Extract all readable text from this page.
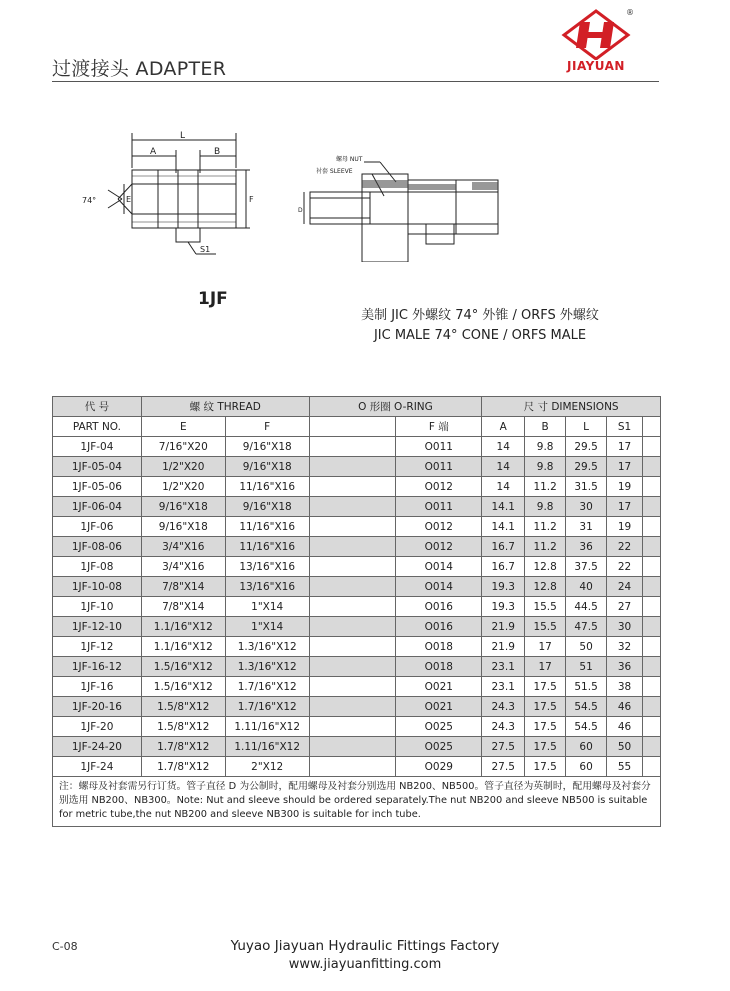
过渡接头 ADAPTER
®
JIAYUAN
L
A	B
74°	E	F
S1
螺母 NUT
衬套 SLEEVE
D
1JF
美制 JIC 外螺纹 74° 外锥 / ORFS 外螺纹
JIC MALE 74° CONE / ORFS MALE
代 号	螺 纹 THREAD		O 形圈 O-RING		尺 寸 DIMENSIONS				
PART NO.	E	F		F 端	A	B	L	S1	
1JF-04	7/16"X20	9/16"X18		O011	14	9.8	29.5	17	
1JF-05-04	1/2"X20	9/16"X18		O011	14	9.8	29.5	17	
1JF-05-06	1/2"X20	11/16"X16		O012	14	11.2	31.5	19	
1JF-06-04	9/16"X18	9/16"X18		O011	14.1	9.8	30	17	
1JF-06	9/16"X18	11/16"X16		O012	14.1	11.2	31	19	
1JF-08-06	3/4"X16	11/16"X16		O012	16.7	11.2	36	22	
1JF-08	3/4"X16	13/16"X16		O014	16.7	12.8	37.5	22	
1JF-10-08	7/8"X14	13/16"X16		O014	19.3	12.8	40	24	
1JF-10	7/8"X14	1"X14		O016	19.3	15.5	44.5	27	
1JF-12-10	1.1/16"X12	1"X14		O016	21.9	15.5	47.5	30	
1JF-12	1.1/16"X12	1.3/16"X12		O018	21.9	17	50	32	
1JF-16-12	1.5/16"X12	1.3/16"X12		O018	23.1	17	51	36	
1JF-16	1.5/16"X12	1.7/16"X12		O021	23.1	17.5	51.5	38	
1JF-20-16	1.5/8"X12	1.7/16"X12		O021	24.3	17.5	54.5	46	
1JF-20	1.5/8"X12	1.11/16"X12		O025	24.3	17.5	54.5	46	
1JF-24-20	1.7/8"X12	1.11/16"X12		O025	27.5	17.5	60	50	
1JF-24	1.7/8"X12	2"X12		O029	27.5	17.5	60	55	
注：螺母及衬套需另行订货。管子直径 D 为公制时，配用螺母及衬套分别选用 NB200、NB500。管子直径为英制时，配用螺母及衬套分别选用 NB200、NB300。Note: Nut and sleeve should be ordered separately.The nut NB200 and sleeve NB500 is suitable for metric tube,the nut NB200 and sleeve NB300 is suitable for inch tube.									
C-08	Yuyao Jiayuan Hydraulic Fittings Factory
www.jiayuanfitting.com
